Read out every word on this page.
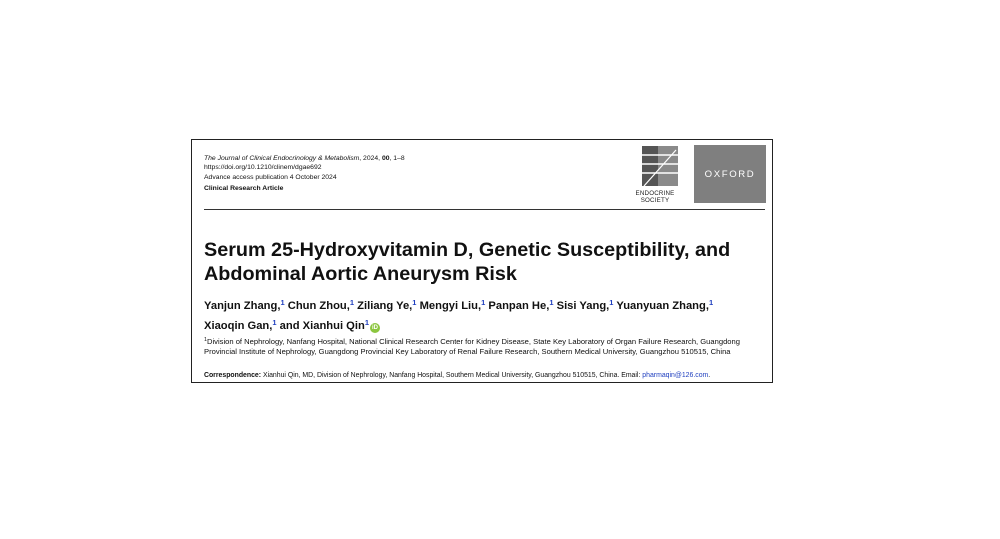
The Journal of Clinical Endocrinology & Metabolism, 2024, 00, 1–8
https://doi.org/10.1210/clinem/dgae692
Advance access publication 4 October 2024
Clinical Research Article
ENDOCRINE
SOCIETY
OXFORD
Serum 25-Hydroxyvitamin D, Genetic Susceptibility, and
Abdominal Aortic Aneurysm Risk
Yanjun Zhang,$^1$ Chun Zhou,$^1$ Ziliang Ye,$^1$ Mengyi Liu,$^1$ Panpan He,$^1$ Sisi Yang,$^1$ Yuanyuan Zhang,$^1$
Xiaoqin Gan,$^1$ and Xianhui Qin$^1$iD
$^1$Division of Nephrology, Nanfang Hospital, National Clinical Research Center for Kidney Disease, State Key Laboratory of Organ Failure Research, Guangdong Provincial Institute of Nephrology, Guangdong Provincial Key Laboratory of Renal Failure Research, Southern Medical University, Guangzhou 510515, China
Correspondence: Xianhui Qin, MD, Division of Nephrology, Nanfang Hospital, Southern Medical University, Guangzhou 510515, China. Email: pharmaqin@126.com.
